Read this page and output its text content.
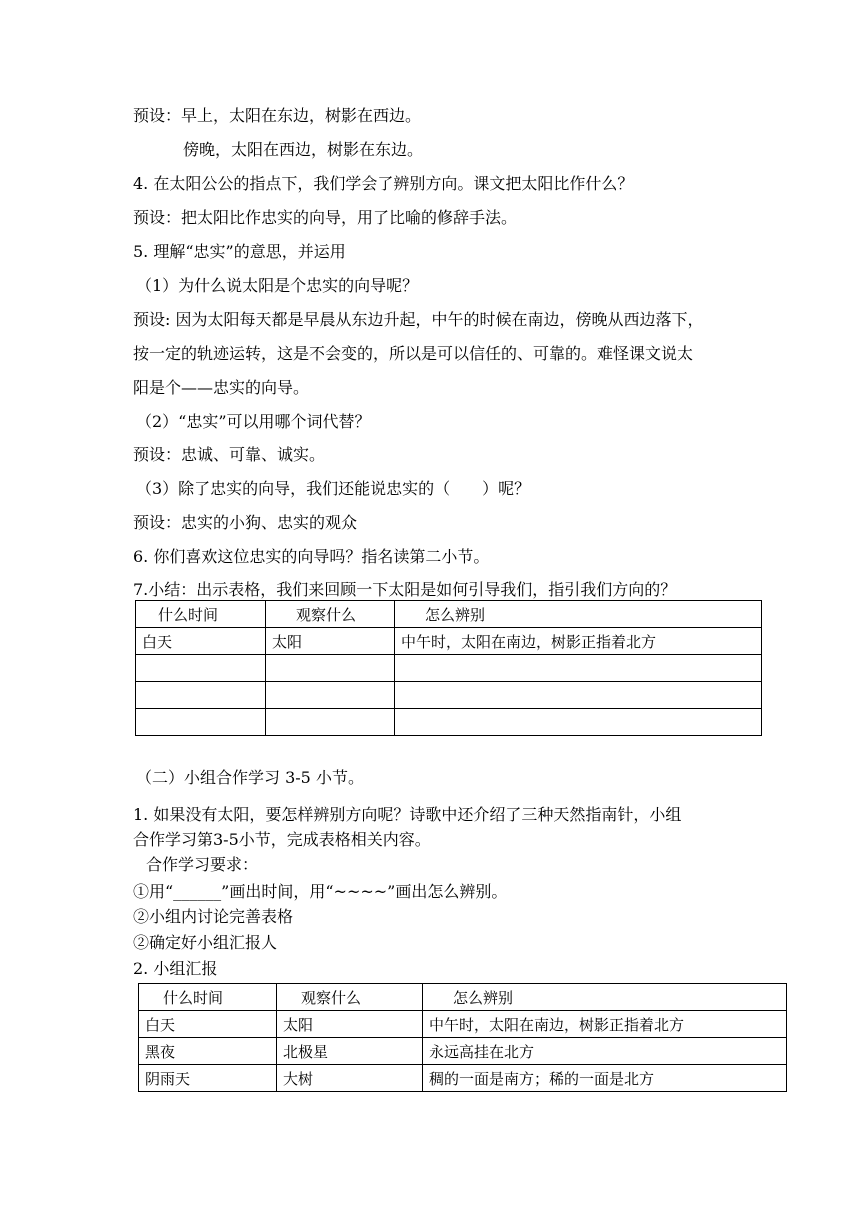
预设：早上，太阳在东边，树影在西边。
傍晚，太阳在西边，树影在东边。
4. 在太阳公公的指点下，我们学会了辨别方向。课文把太阳比作什么？
预设：把太阳比作忠实的向导，用了比喻的修辞手法。
5. 理解“忠实”的意思，并运用
（1）为什么说太阳是个忠实的向导呢？
预设: 因为太阳每天都是早晨从东边升起，中午的时候在南边，傍晚从西边落下，
按一定的轨迹运转，这是不会变的，所以是可以信任的、可靠的。难怪课文说太
阳是个——忠实的向导。
（2）“忠实”可以用哪个词代替？
预设：忠诚、可靠、诚实。
（3）除了忠实的向导，我们还能说忠实的（　　）呢？
预设：忠实的小狗、忠实的观众
6. 你们喜欢这位忠实的向导吗？指名读第二小节。
7.小结：出示表格，我们来回顾一下太阳是如何引导我们，指引我们方向的？
什么时间	观察什么	怎么辨别
白天	太阳	中午时，太阳在南边，树影正指着北方

（二）小组合作学习 3-5 小节。
1. 如果没有太阳，要怎样辨别方向呢？诗歌中还介绍了三种天然指南针，小组
合作学习第3-5小节，完成表格相关内容。
合作学习要求：
①用“______”画出时间，用“~~~~”画出怎么辨别。
②小组内讨论完善表格
②确定好小组汇报人
2. 小组汇报
什么时间	观察什么	怎么辨别
白天	太阳	中午时，太阳在南边，树影正指着北方
黑夜	北极星	永远高挂在北方
阴雨天	大树	稠的一面是南方；稀的一面是北方
